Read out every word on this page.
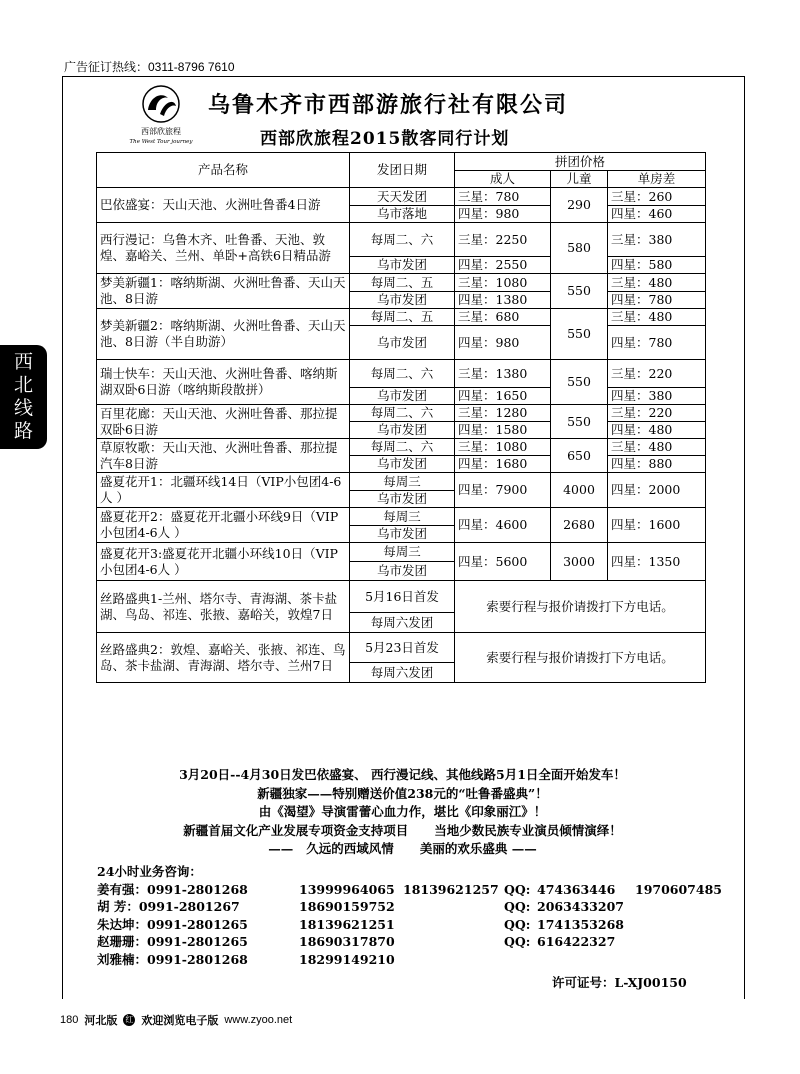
广告征订热线：0311-8796 7610
西部欣旅程
The West Tour journey
乌鲁木齐市西部游旅行社有限公司
西部欣旅程2015散客同行计划
西
北
线
路
产品名称	发团日期	拼团价格		
		成人	儿童	单房差
巴依盛宴：天山天池、火洲吐鲁番4日游	天天发团	三星：780	290	三星：260
	乌市落地	四星：980		四星：460
西行漫记：乌鲁木齐、吐鲁番、天池、敦煌、嘉峪关、兰州、单卧+高铁6日精品游	每周二、六	三星：2250	580	三星：380
	乌市发团	四星：2550		四星：580
梦美新疆1：喀纳斯湖、火洲吐鲁番、天山天池、8日游	每周二、五	三星：1080	550	三星：480
	乌市发团	四星：1380		四星：780
梦美新疆2：喀纳斯湖、火洲吐鲁番、天山天池、8日游（半自助游）	每周二、五	三星：680	550	三星：480
	乌市发团	四星：980		四星：780
瑞士快车：天山天池、火洲吐鲁番、喀纳斯湖双卧6日游（喀纳斯段散拼）	每周二、六	三星：1380	550	三星：220
	乌市发团	四星：1650		四星：380
百里花廊：天山天池、火洲吐鲁番、那拉提双卧6日游	每周二、六	三星：1280	550	三星：220
	乌市发团	四星：1580		四星：480
草原牧歌：天山天池、火洲吐鲁番、那拉提汽车8日游	每周二、六	三星：1080	650	三星：480
	乌市发团	四星：1680		四星：880
盛夏花开1：北疆环线14日（VIP小包团4-6人 ）	每周三	四星：7900	4000	四星：2000
	乌市发团			
盛夏花开2：盛夏花开北疆小环线9日（VIP 小包团4-6人 ）	每周三	四星：4600	2680	四星：1600
	乌市发团			
盛夏花开3:盛夏花开北疆小环线10日（VIP小包团4-6人 ）	每周三	四星：5600	3000	四星：1350
	乌市发团			
丝路盛典1-兰州、塔尔寺、青海湖、茶卡盐湖、鸟岛、祁连、张掖、嘉峪关，敦煌7日	5月16日首发	索要行程与报价请拨打下方电话。		
	每周六发团			
丝路盛典2：敦煌、嘉峪关、张掖、祁连、鸟岛、茶卡盐湖、青海湖、塔尔寺、兰州7日	5月23日首发	索要行程与报价请拨打下方电话。		
	每周六发团			

3月20日--4月30日发巴依盛宴、 西行漫记线、其他线路5月1日全面开始发车！

新疆独家——特别赠送价值238元的“吐鲁番盛典”！

由《渴望》导演雷蕾心血力作，堪比《印象丽江》！

新疆首届文化产业发展专项资金支持项目      当地少数民族专业演员倾情演绎！

——   久远的西域风情      美丽的欢乐盛典 ——

24小时业务咨询：
姜有强：0991-2801268	13999964065 18139621257 QQ: 474363446	1970607485
胡 芳：0991-2801267	18690159752	QQ: 2063433207
朱达坤：0991-2801265	18139621251	QQ: 1741353268
赵珊珊：0991-2801265	18690317870	QQ: 616422327
刘雅楠：0991-2801268	18299149210
许可证号：L-XJ00150
180 河北版 红 欢迎浏览电子版 www.zyoo.net
